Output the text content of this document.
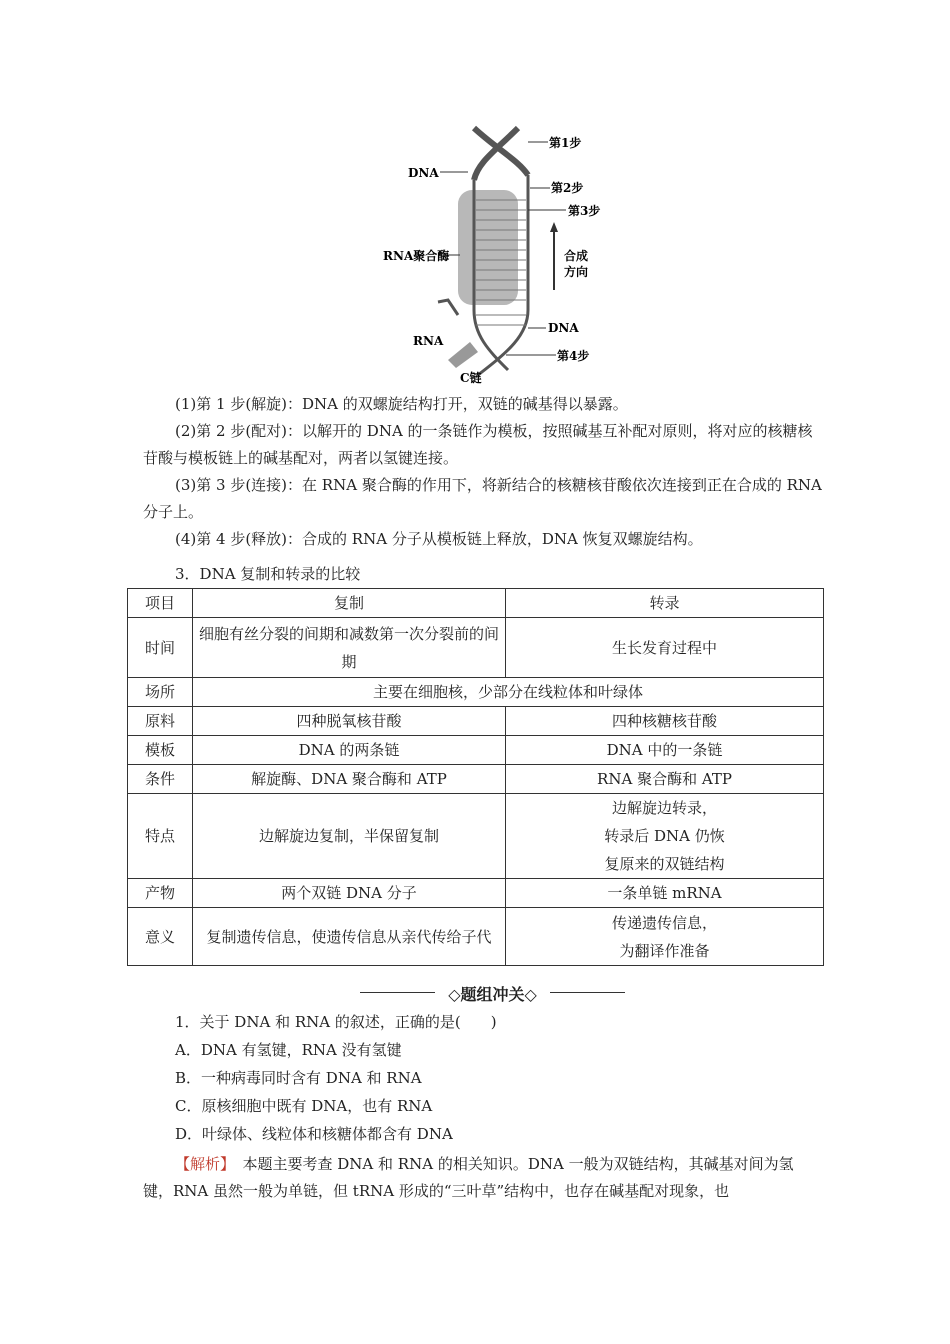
第1步
第2步
第3步
第4步
DNA
DNA
RNA聚合酶
RNA
C链
合成
方向
(1)第 1 步(解旋)：DNA 的双螺旋结构打开，双链的碱基得以暴露。
(2)第 2 步(配对)：以解开的 DNA 的一条链作为模板，按照碱基互补配对原则，将对应的核糖核苷酸与模板链上的碱基配对，两者以氢键连接。
(3)第 3 步(连接)：在 RNA 聚合酶的作用下，将新结合的核糖核苷酸依次连接到正在合成的 RNA 分子上。
(4)第 4 步(释放)：合成的 RNA 分子从模板链上释放，DNA 恢复双螺旋结构。
3．DNA 复制和转录的比较
项目	复制	转录
时间	细胞有丝分裂的间期和减数第一次分裂前的间期	生长发育过程中
场所	主要在细胞核，少部分在线粒体和叶绿体	
原料	四种脱氧核苷酸	四种核糖核苷酸
模板	DNA 的两条链	DNA 中的一条链
条件	解旋酶、DNA 聚合酶和 ATP	RNA 聚合酶和 ATP
特点	边解旋边复制，半保留复制	边解旋边转录，
转录后 DNA 仍恢
复原来的双链结构

产物	两个双链 DNA 分子	一条单链 mRNA
意义	复制遗传信息，使遗传信息从亲代传给子代	传递遗传信息，
为翻译作准备
◇题组冲关◇
1．关于 DNA 和 RNA 的叙述，正确的是(　　)
A．DNA 有氢键，RNA 没有氢键
B．一种病毒同时含有 DNA 和 RNA
C．原核细胞中既有 DNA，也有 RNA
D．叶绿体、线粒体和核糖体都含有 DNA
【解析】　本题主要考查 DNA 和 RNA 的相关知识。DNA 一般为双链结构，其碱基对间为氢键，RNA 虽然一般为单链，但 tRNA 形成的“三叶草”结构中，也存在碱基配对现象，也
